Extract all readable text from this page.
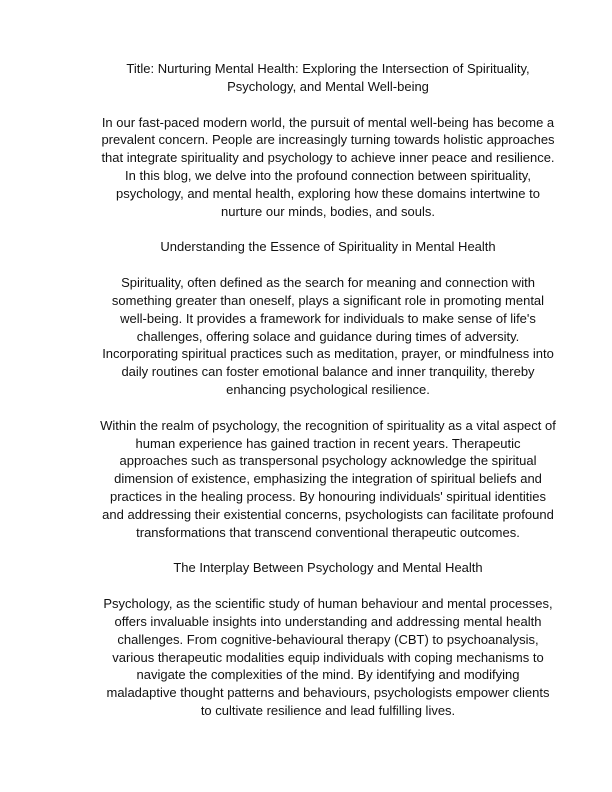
Title: Nurturing Mental Health: Exploring the Intersection of Spirituality, Psychology, and Mental Well-being

In our fast-paced modern world, the pursuit of mental well-being has become a prevalent concern. People are increasingly turning towards holistic approaches that integrate spirituality and psychology to achieve inner peace and resilience. In this blog, we delve into the profound connection between spirituality, psychology, and mental health, exploring how these domains intertwine to nurture our minds, bodies, and souls.

Understanding the Essence of Spirituality in Mental Health

Spirituality, often defined as the search for meaning and connection with something greater than oneself, plays a significant role in promoting mental well-being. It provides a framework for individuals to make sense of life's challenges, offering solace and guidance during times of adversity. Incorporating spiritual practices such as meditation, prayer, or mindfulness into daily routines can foster emotional balance and inner tranquility, thereby enhancing psychological resilience.

Within the realm of psychology, the recognition of spirituality as a vital aspect of human experience has gained traction in recent years. Therapeutic approaches such as transpersonal psychology acknowledge the spiritual dimension of existence, emphasizing the integration of spiritual beliefs and practices in the healing process. By honouring individuals' spiritual identities and addressing their existential concerns, psychologists can facilitate profound transformations that transcend conventional therapeutic outcomes.

The Interplay Between Psychology and Mental Health

Psychology, as the scientific study of human behaviour and mental processes, offers invaluable insights into understanding and addressing mental health challenges. From cognitive-behavioural therapy (CBT) to psychoanalysis, various therapeutic modalities equip individuals with coping mechanisms to navigate the complexities of the mind. By identifying and modifying maladaptive thought patterns and behaviours, psychologists empower clients to cultivate resilience and lead fulfilling lives.
